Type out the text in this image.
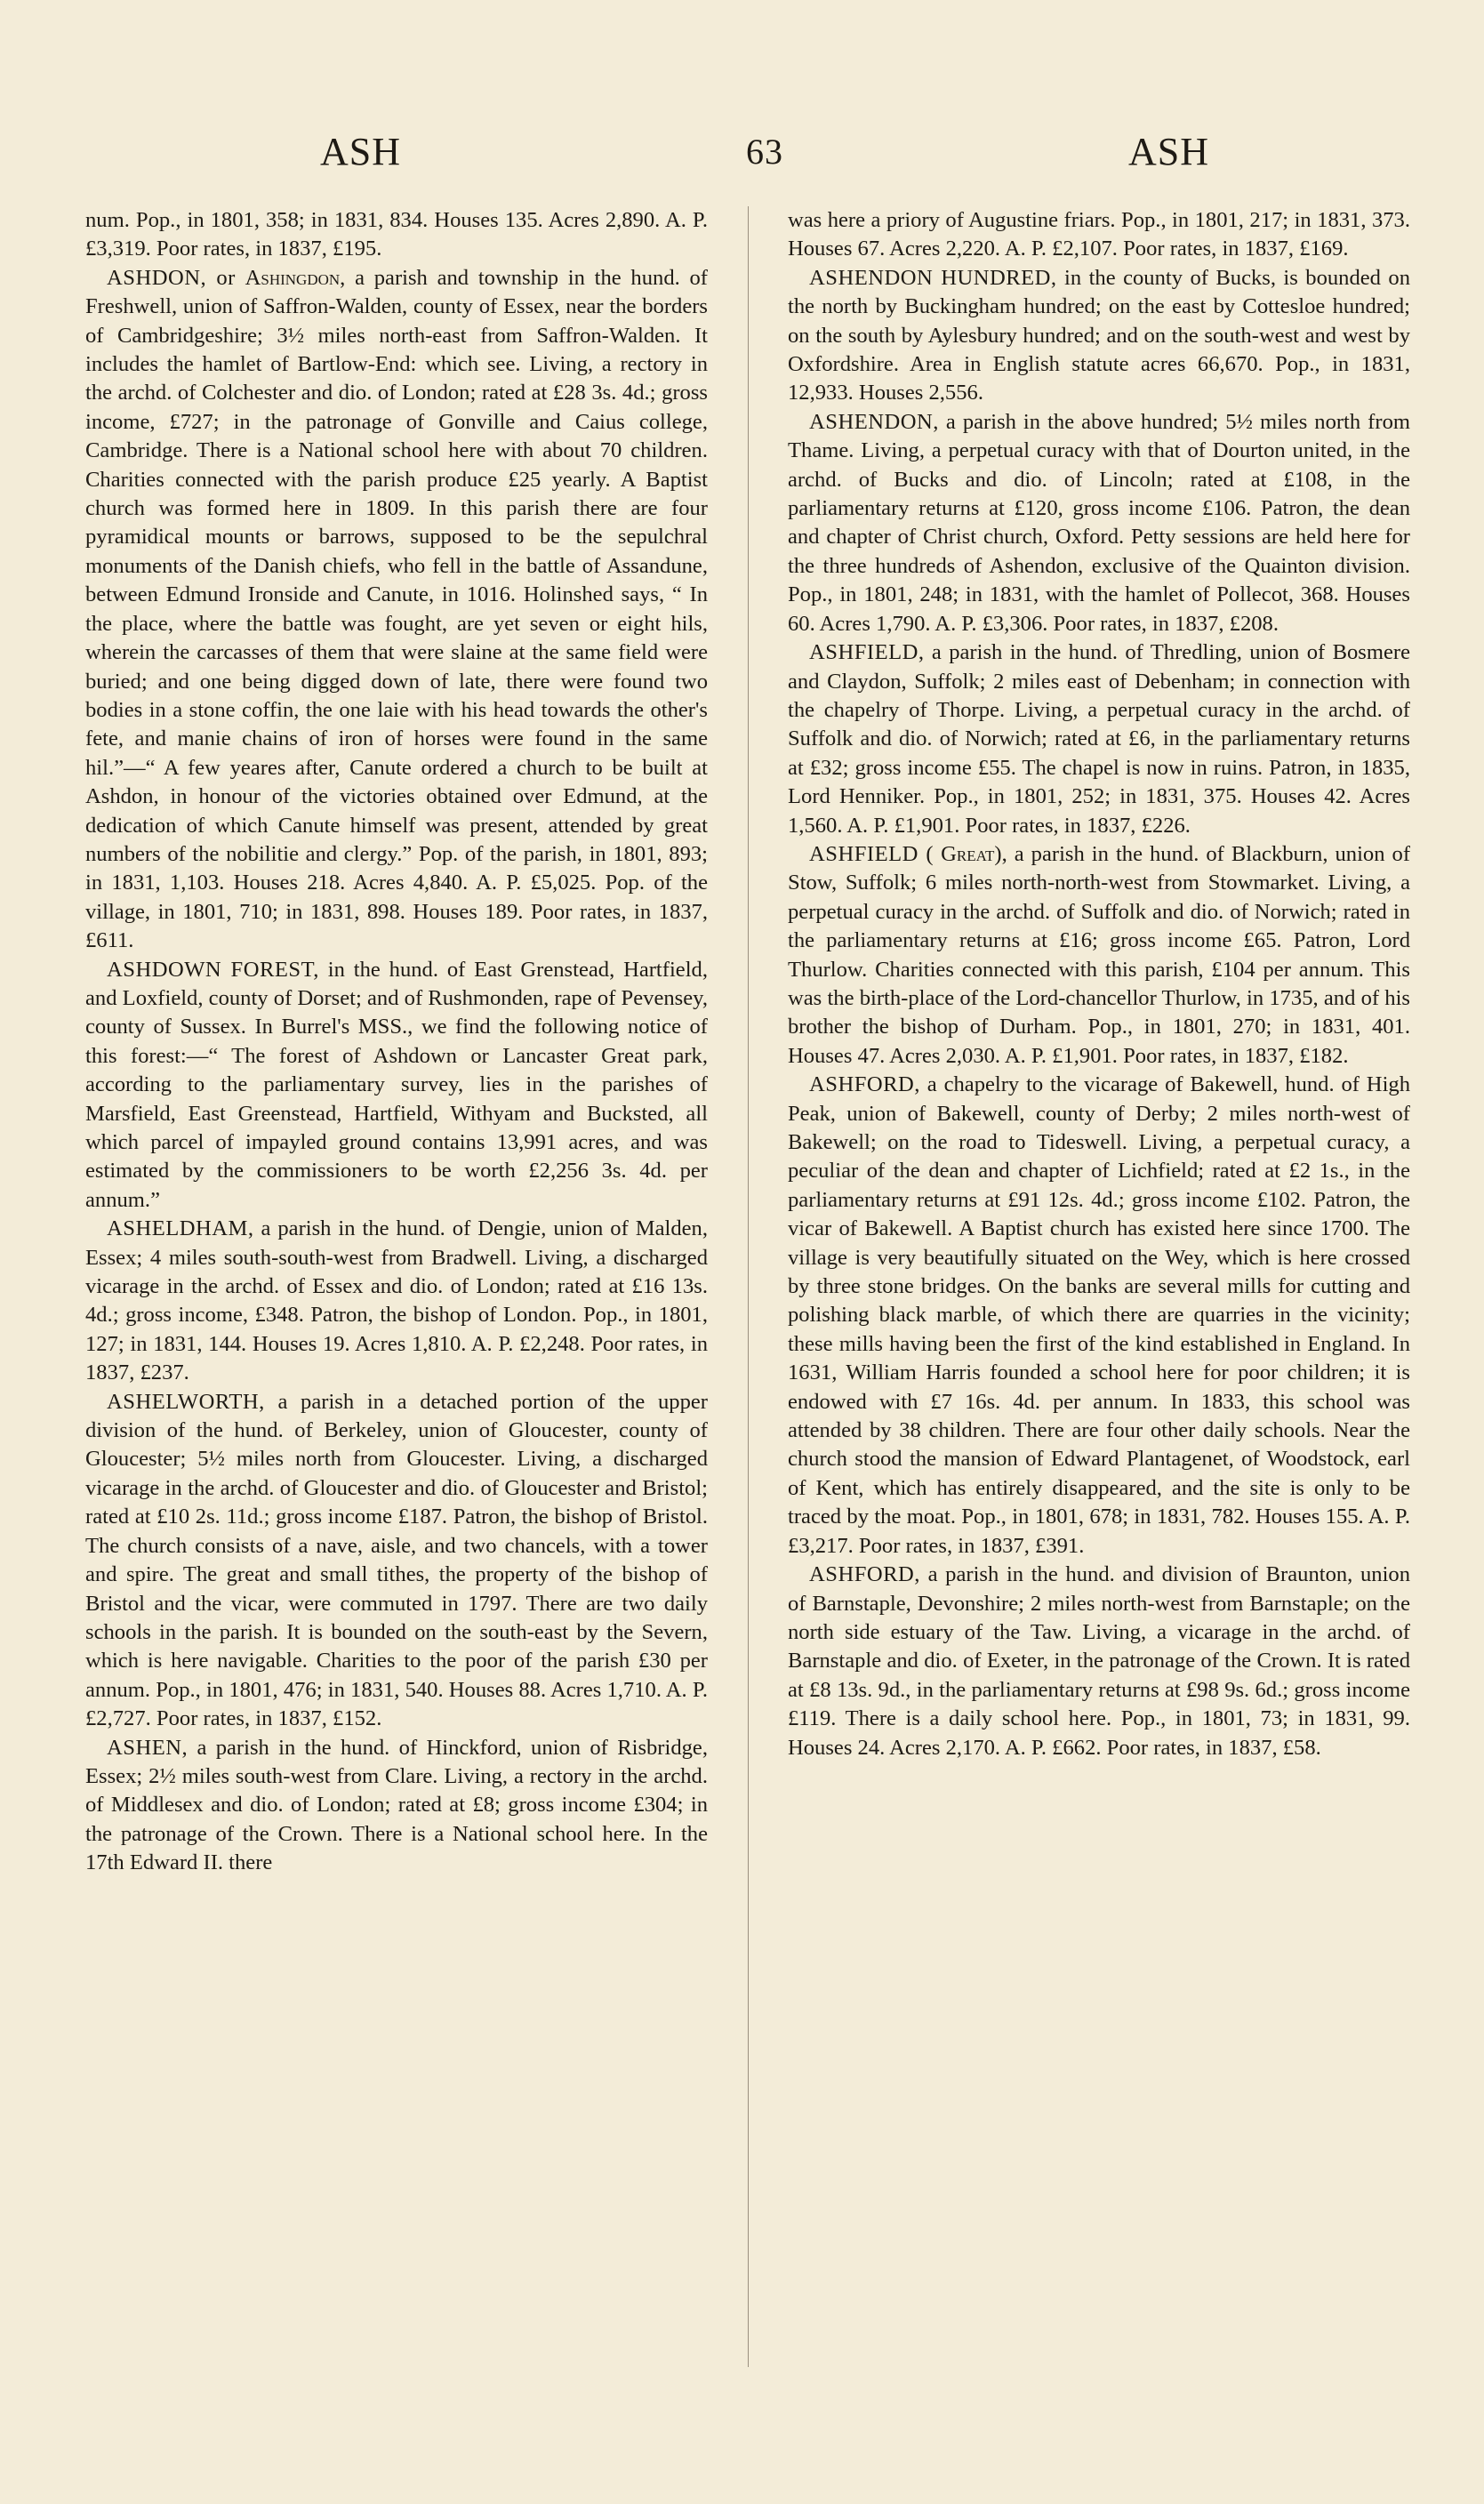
ASH	63	ASH

num. Pop., in 1801, 358; in 1831, 834. Houses 135. Acres 2,890. A. P. £3,319. Poor rates, in 1837, £195.

ASHDON, or Ashingdon, a parish and township in the hund. of Freshwell, union of Saffron-Walden, county of Essex, near the borders of Cambridgeshire; 3½ miles north-east from Saffron-Walden. It includes the hamlet of Bartlow-End: which see. Living, a rectory in the archd. of Colchester and dio. of London; rated at £28 3s. 4d.; gross income, £727; in the patronage of Gonville and Caius college, Cambridge. There is a National school here with about 70 children. Charities connected with the parish produce £25 yearly. A Baptist church was formed here in 1809. In this parish there are four pyramidical mounts or barrows, supposed to be the sepulchral monuments of the Danish chiefs, who fell in the battle of Assandune, between Edmund Ironside and Canute, in 1016. Holinshed says, “ In the place, where the battle was fought, are yet seven or eight hils, wherein the carcasses of them that were slaine at the same field were buried; and one being digged down of late, there were found two bodies in a stone coffin, the one laie with his head towards the other's fete, and manie chains of iron of horses were found in the same hil.”—“ A few yeares after, Canute ordered a church to be built at Ashdon, in honour of the victories obtained over Edmund, at the dedication of which Canute himself was present, attended by great numbers of the nobilitie and clergy.” Pop. of the parish, in 1801, 893; in 1831, 1,103. Houses 218. Acres 4,840. A. P. £5,025. Pop. of the village, in 1801, 710; in 1831, 898. Houses 189. Poor rates, in 1837, £611.

ASHDOWN FOREST, in the hund. of East Grenstead, Hartfield, and Loxfield, county of Dorset; and of Rushmonden, rape of Pevensey, county of Sussex. In Burrel's MSS., we find the following notice of this forest:—“ The forest of Ashdown or Lancaster Great park, according to the parliamentary survey, lies in the parishes of Marsfield, East Greenstead, Hartfield, Withyam and Bucksted, all which parcel of impayled ground contains 13,991 acres, and was estimated by the commissioners to be worth £2,256 3s. 4d. per annum.”

ASHELDHAM, a parish in the hund. of Dengie, union of Malden, Essex; 4 miles south-south-west from Bradwell. Living, a discharged vicarage in the archd. of Essex and dio. of London; rated at £16 13s. 4d.; gross income, £348. Patron, the bishop of London. Pop., in 1801, 127; in 1831, 144. Houses 19. Acres 1,810. A. P. £2,248. Poor rates, in 1837, £237.

ASHELWORTH, a parish in a detached portion of the upper division of the hund. of Berkeley, union of Gloucester, county of Gloucester; 5½ miles north from Gloucester. Living, a discharged vicarage in the archd. of Gloucester and dio. of Gloucester and Bristol; rated at £10 2s. 11d.; gross income £187. Patron, the bishop of Bristol. The church consists of a nave, aisle, and two chancels, with a tower and spire. The great and small tithes, the property of the bishop of Bristol and the vicar, were commuted in 1797. There are two daily schools in the parish. It is bounded on the south-east by the Severn, which is here navigable. Charities to the poor of the parish £30 per annum. Pop., in 1801, 476; in 1831, 540. Houses 88. Acres 1,710. A. P. £2,727. Poor rates, in 1837, £152.

ASHEN, a parish in the hund. of Hinckford, union of Risbridge, Essex; 2½ miles south-west from Clare. Living, a rectory in the archd. of Middlesex and dio. of London; rated at £8; gross income £304; in the patronage of the Crown. There is a National school here. In the 17th Edward II. there

was here a priory of Augustine friars. Pop., in 1801, 217; in 1831, 373. Houses 67. Acres 2,220. A. P. £2,107. Poor rates, in 1837, £169.

ASHENDON HUNDRED, in the county of Bucks, is bounded on the north by Buckingham hundred; on the east by Cottesloe hundred; on the south by Aylesbury hundred; and on the south-west and west by Oxfordshire. Area in English statute acres 66,670. Pop., in 1831, 12,933. Houses 2,556.

ASHENDON, a parish in the above hundred; 5½ miles north from Thame. Living, a perpetual curacy with that of Dourton united, in the archd. of Bucks and dio. of Lincoln; rated at £108, in the parliamentary returns at £120, gross income £106. Patron, the dean and chapter of Christ church, Oxford. Petty sessions are held here for the three hundreds of Ashendon, exclusive of the Quainton division. Pop., in 1801, 248; in 1831, with the hamlet of Pollecot, 368. Houses 60. Acres 1,790. A. P. £3,306. Poor rates, in 1837, £208.

ASHFIELD, a parish in the hund. of Thredling, union of Bosmere and Claydon, Suffolk; 2 miles east of Debenham; in connection with the chapelry of Thorpe. Living, a perpetual curacy in the archd. of Suffolk and dio. of Norwich; rated at £6, in the parliamentary returns at £32; gross income £55. The chapel is now in ruins. Patron, in 1835, Lord Henniker. Pop., in 1801, 252; in 1831, 375. Houses 42. Acres 1,560. A. P. £1,901. Poor rates, in 1837, £226.

ASHFIELD ( Great), a parish in the hund. of Blackburn, union of Stow, Suffolk; 6 miles north-north-west from Stowmarket. Living, a perpetual curacy in the archd. of Suffolk and dio. of Norwich; rated in the parliamentary returns at £16; gross income £65. Patron, Lord Thurlow. Charities connected with this parish, £104 per annum. This was the birth-place of the Lord-chancellor Thurlow, in 1735, and of his brother the bishop of Durham. Pop., in 1801, 270; in 1831, 401. Houses 47. Acres 2,030. A. P. £1,901. Poor rates, in 1837, £182.

ASHFORD, a chapelry to the vicarage of Bakewell, hund. of High Peak, union of Bakewell, county of Derby; 2 miles north-west of Bakewell; on the road to Tideswell. Living, a perpetual curacy, a peculiar of the dean and chapter of Lichfield; rated at £2 1s., in the parliamentary returns at £91 12s. 4d.; gross income £102. Patron, the vicar of Bakewell. A Baptist church has existed here since 1700. The village is very beautifully situated on the Wey, which is here crossed by three stone bridges. On the banks are several mills for cutting and polishing black marble, of which there are quarries in the vicinity; these mills having been the first of the kind established in England. In 1631, William Harris founded a school here for poor children; it is endowed with £7 16s. 4d. per annum. In 1833, this school was attended by 38 children. There are four other daily schools. Near the church stood the mansion of Edward Plantagenet, of Woodstock, earl of Kent, which has entirely disappeared, and the site is only to be traced by the moat. Pop., in 1801, 678; in 1831, 782. Houses 155. A. P. £3,217. Poor rates, in 1837, £391.

ASHFORD, a parish in the hund. and division of Braunton, union of Barnstaple, Devonshire; 2 miles north-west from Barnstaple; on the north side estuary of the Taw. Living, a vicarage in the archd. of Barnstaple and dio. of Exeter, in the patronage of the Crown. It is rated at £8 13s. 9d., in the parliamentary returns at £98 9s. 6d.; gross income £119. There is a daily school here. Pop., in 1801, 73; in 1831, 99. Houses 24. Acres 2,170. A. P. £662. Poor rates, in 1837, £58.
